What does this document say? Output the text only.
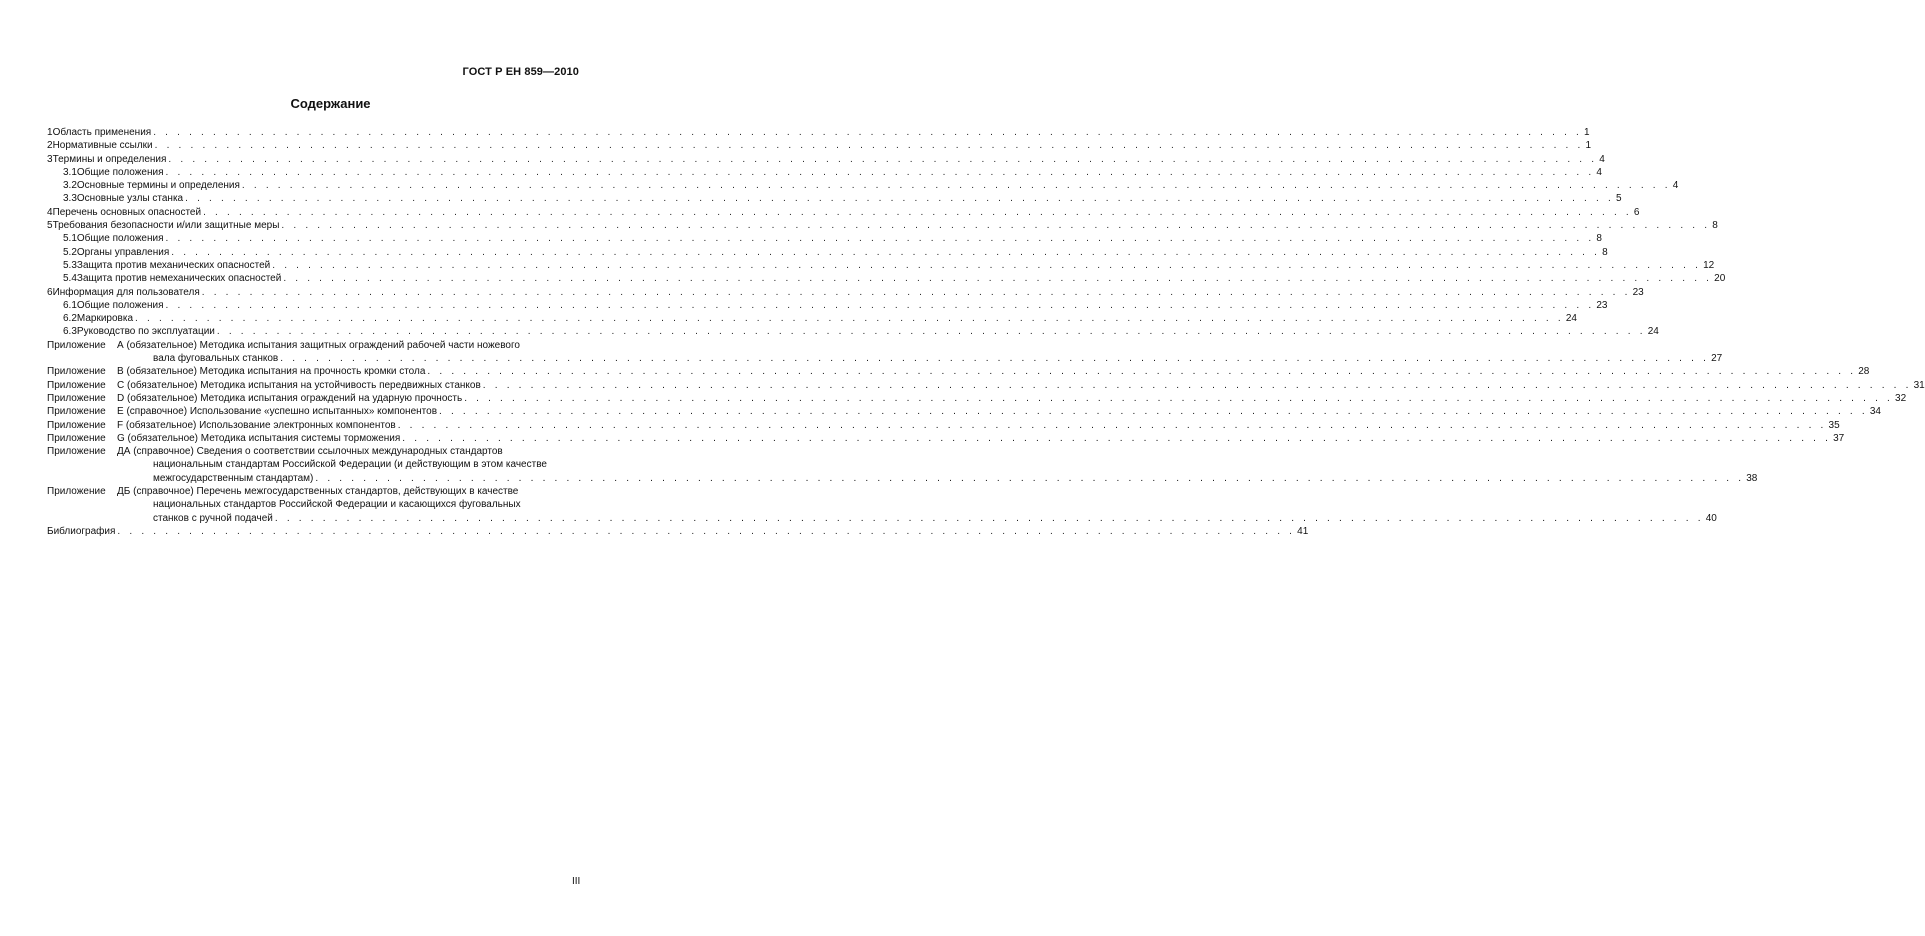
ГОСТ Р ЕН 859—2010
Содержание
1 Область применения . . . . . . . . . . . . . . . . . . . . . . . . . . . . . . . . . . . . . . . . . . . . . . . . . . . . . . . . . . . . . . . . . . . . . . . . . . . . . . . . . . . . . . . . . . . . . . . . . . . . . . . . . . . . . . . . . . . . . . . . 1
2 Нормативные ссылки . . . . . . . . . . . . . . . . . . . . . . . . . . . . . . . . . . . . . . . . . . . . . . . . . . . . . . . . . . . . . . . . . . . . . . . . . . . . . . . . . . . . . . . . . . . . . . . . . . . . . . . . . . . . . . . . . . . . . . . . 1
3 Термины и определения . . . . . . . . . . . . . . . . . . . . . . . . . . . . . . . . . . . . . . . . . . . . . . . . . . . . . . . . . . . . . . . . . . . . . . . . . . . . . . . . . . . . . . . . . . . . . . . . . . . . . . . . . . . . . . . . . . . . . . . . 4
3.1 Общие положения . . . . . . . . . . . . . . . . . . . . . . . . . . . . . . . . . . . . . . . . . . . . . . . . . . . . . . . . . . . . . . . . . . . . . . . . . . . . . . . . . . . . . . . . . . . . . . . . . . . . . . . . . . . . . . . . . . . . . . . . 4
3.2 Основные термины и определения . . . . . . . . . . . . . . . . . . . . . . . . . . . . . . . . . . . . . . . . . . . . . . . . . . . . . . . . . . . . . . . . . . . . . . . . . . . . . . . . . . . . . . . . . . . . . . . . . . . . . . . . . . . . . . . . . . . . . . . . 4
3.3 Основные узлы станка . . . . . . . . . . . . . . . . . . . . . . . . . . . . . . . . . . . . . . . . . . . . . . . . . . . . . . . . . . . . . . . . . . . . . . . . . . . . . . . . . . . . . . . . . . . . . . . . . . . . . . . . . . . . . . . . . . . . . . . . 5
4 Перечень основных опасностей . . . . . . . . . . . . . . . . . . . . . . . . . . . . . . . . . . . . . . . . . . . . . . . . . . . . . . . . . . . . . . . . . . . . . . . . . . . . . . . . . . . . . . . . . . . . . . . . . . . . . . . . . . . . . . . . . . . . . . . . 6
5 Требования безопасности и/или защитные меры . . . . . . . . . . . . . . . . . . . . . . . . . . . . . . . . . . . . . . . . . . . . . . . . . . . . . . . . . . . . . . . . . . . . . . . . . . . . . . . . . . . . . . . . . . . . . . . . . . . . . . . . . . . . . . . . . . . . . . . . 8
5.1 Общие положения . . . . . . . . . . . . . . . . . . . . . . . . . . . . . . . . . . . . . . . . . . . . . . . . . . . . . . . . . . . . . . . . . . . . . . . . . . . . . . . . . . . . . . . . . . . . . . . . . . . . . . . . . . . . . . . . . . . . . . . . 8
5.2 Органы управления . . . . . . . . . . . . . . . . . . . . . . . . . . . . . . . . . . . . . . . . . . . . . . . . . . . . . . . . . . . . . . . . . . . . . . . . . . . . . . . . . . . . . . . . . . . . . . . . . . . . . . . . . . . . . . . . . . . . . . . . 8
5.3 Защита против механических опасностей . . . . . . . . . . . . . . . . . . . . . . . . . . . . . . . . . . . . . . . . . . . . . . . . . . . . . . . . . . . . . . . . . . . . . . . . . . . . . . . . . . . . . . . . . . . . . . . . . . . . . . . . . . . . . . . . . . . . . . . . 12
5.4 Защита против немеханических опасностей . . . . . . . . . . . . . . . . . . . . . . . . . . . . . . . . . . . . . . . . . . . . . . . . . . . . . . . . . . . . . . . . . . . . . . . . . . . . . . . . . . . . . . . . . . . . . . . . . . . . . . . . . . . . . . . . . . . . . . . . 20
6 Информация для пользователя . . . . . . . . . . . . . . . . . . . . . . . . . . . . . . . . . . . . . . . . . . . . . . . . . . . . . . . . . . . . . . . . . . . . . . . . . . . . . . . . . . . . . . . . . . . . . . . . . . . . . . . . . . . . . . . . . . . . . . . . 23
6.1 Общие положения . . . . . . . . . . . . . . . . . . . . . . . . . . . . . . . . . . . . . . . . . . . . . . . . . . . . . . . . . . . . . . . . . . . . . . . . . . . . . . . . . . . . . . . . . . . . . . . . . . . . . . . . . . . . . . . . . . . . . . . . 23
6.2 Маркировка . . . . . . . . . . . . . . . . . . . . . . . . . . . . . . . . . . . . . . . . . . . . . . . . . . . . . . . . . . . . . . . . . . . . . . . . . . . . . . . . . . . . . . . . . . . . . . . . . . . . . . . . . . . . . . . . . . . . . . . . 24
6.3 Руководство по эксплуатации . . . . . . . . . . . . . . . . . . . . . . . . . . . . . . . . . . . . . . . . . . . . . . . . . . . . . . . . . . . . . . . . . . . . . . . . . . . . . . . . . . . . . . . . . . . . . . . . . . . . . . . . . . . . . . . . . . . . . . . . 24
Приложение	А (обязательное) Методика испытания защитных ограждений рабочей части ножевого
вала фуговальных станков . . . . . . . . . . . . . . . . . . . . . . . . . . . . . . . . . . . . . . . . . . . . . . . . . . . . . . . . . . . . . . . . . . . . . . . . . . . . . . . . . . . . . . . . . . . . . . . . . . . . . . . . . . . . . . . . . . . . . . . . 27
Приложение	В (обязательное) Методика испытания на прочность кромки стола . . . . . . . . . . . . . . . . . . . . . . . . . . . . . . . . . . . . . . . . . . . . . . . . . . . . . . . . . . . . . . . . . . . . . . . . . . . . . . . . . . . . . . . . . . . . . . . . . . . . . . . . . . . . . . . . . . . . . . . . 28
Приложение	С (обязательное) Методика испытания на устойчивость передвижных станков . . . . . . . . . . . . . . . . . . . . . . . . . . . . . . . . . . . . . . . . . . . . . . . . . . . . . . . . . . . . . . . . . . . . . . . . . . . . . . . . . . . . . . . . . . . . . . . . . . . . . . . . . . . . . . . . . . . . . . . . 31
Приложение	D (обязательное) Методика испытания ограждений на ударную прочность . . . . . . . . . . . . . . . . . . . . . . . . . . . . . . . . . . . . . . . . . . . . . . . . . . . . . . . . . . . . . . . . . . . . . . . . . . . . . . . . . . . . . . . . . . . . . . . . . . . . . . . . . . . . . . . . . . . . . . . . 32
Приложение	Е (справочное) Использование «успешно испытанных» компонентов . . . . . . . . . . . . . . . . . . . . . . . . . . . . . . . . . . . . . . . . . . . . . . . . . . . . . . . . . . . . . . . . . . . . . . . . . . . . . . . . . . . . . . . . . . . . . . . . . . . . . . . . . . . . . . . . . . . . . . . . 34
Приложение	F (обязательное) Использование электронных компонентов . . . . . . . . . . . . . . . . . . . . . . . . . . . . . . . . . . . . . . . . . . . . . . . . . . . . . . . . . . . . . . . . . . . . . . . . . . . . . . . . . . . . . . . . . . . . . . . . . . . . . . . . . . . . . . . . . . . . . . . . 35
Приложение	G (обязательное) Методика испытания системы торможения . . . . . . . . . . . . . . . . . . . . . . . . . . . . . . . . . . . . . . . . . . . . . . . . . . . . . . . . . . . . . . . . . . . . . . . . . . . . . . . . . . . . . . . . . . . . . . . . . . . . . . . . . . . . . . . . . . . . . . . . 37
Приложение	ДА (справочное) Сведения о соответствии ссылочных международных стандартов
национальным стандартам Российской Федерации (и действующим в этом качестве
межгосударственным стандартам) . . . . . . . . . . . . . . . . . . . . . . . . . . . . . . . . . . . . . . . . . . . . . . . . . . . . . . . . . . . . . . . . . . . . . . . . . . . . . . . . . . . . . . . . . . . . . . . . . . . . . . . . . . . . . . . . . . . . . . . . 38
Приложение	ДБ (справочное) Перечень межгосударственных стандартов, действующих в качестве
национальных стандартов Российской Федерации и касающихся фуговальных
станков с ручной подачей . . . . . . . . . . . . . . . . . . . . . . . . . . . . . . . . . . . . . . . . . . . . . . . . . . . . . . . . . . . . . . . . . . . . . . . . . . . . . . . . . . . . . . . . . . . . . . . . . . . . . . . . . . . . . . . . . . . . . . . . 40
Библиография . . . . . . . . . . . . . . . . . . . . . . . . . . . . . . . . . . . . . . . . . . . . . . . . . . . . . . . . . . . . . . . . . . . . . . . . . . . . . . . . . . . . . . . . . . . . . . . . . . . 41
III
